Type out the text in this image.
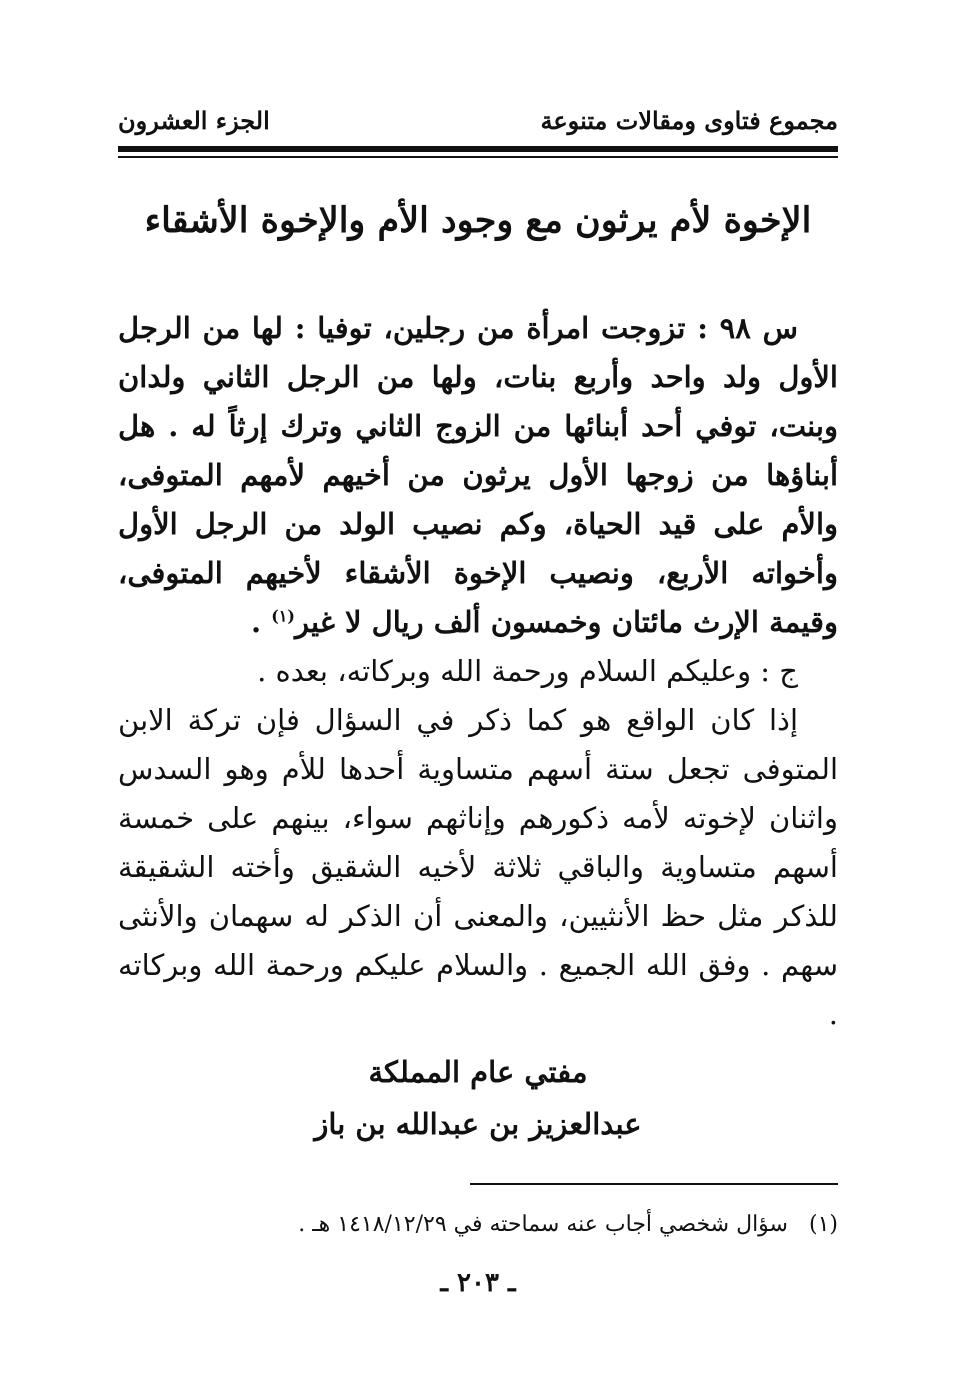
مجموع فتاوى ومقالات متنوعة
الجزء العشرون
الإخوة لأم يرثون مع وجود الأم والإخوة الأشقاء

س ٩٨ : تزوجت امرأة من رجلين، توفيا : لها من الرجل الأول ولد واحد وأربع بنات، ولها من الرجل الثاني ولدان وبنت، توفي أحد أبنائها من الزوج الثاني وترك إرثاً له . هل أبناؤها من زوجها الأول يرثون من أخيهم لأمهم المتوفى، والأم على قيد الحياة، وكم نصيب الولد من الرجل الأول وأخواته الأربع، ونصيب الإخوة الأشقاء لأخيهم المتوفى، وقيمة الإرث مائتان وخمسون ألف ريال لا غير$^{(١)}$ .

ج : وعليكم السلام ورحمة الله وبركاته، بعده .

إذا كان الواقع هو كما ذكر في السؤال فإن تركة الابن المتوفى تجعل ستة أسهم متساوية أحدها للأم وهو السدس واثنان لإخوته لأمه ذكورهم وإناثهم سواء، بينهم على خمسة أسهم متساوية والباقي ثلاثة لأخيه الشقيق وأخته الشقيقة للذكر مثل حظ الأنثيين، والمعنى أن الذكر له سهمان والأنثى سهم . وفق الله الجميع . والسلام عليكم ورحمة الله وبركاته .

مفتي عام المملكة
عبدالعزيز بن عبدالله بن باز
(١) سؤال شخصي أجاب عنه سماحته في ١٤١٨/١٢/٢٩ هـ .
ـ ٢٠٣ ـ
